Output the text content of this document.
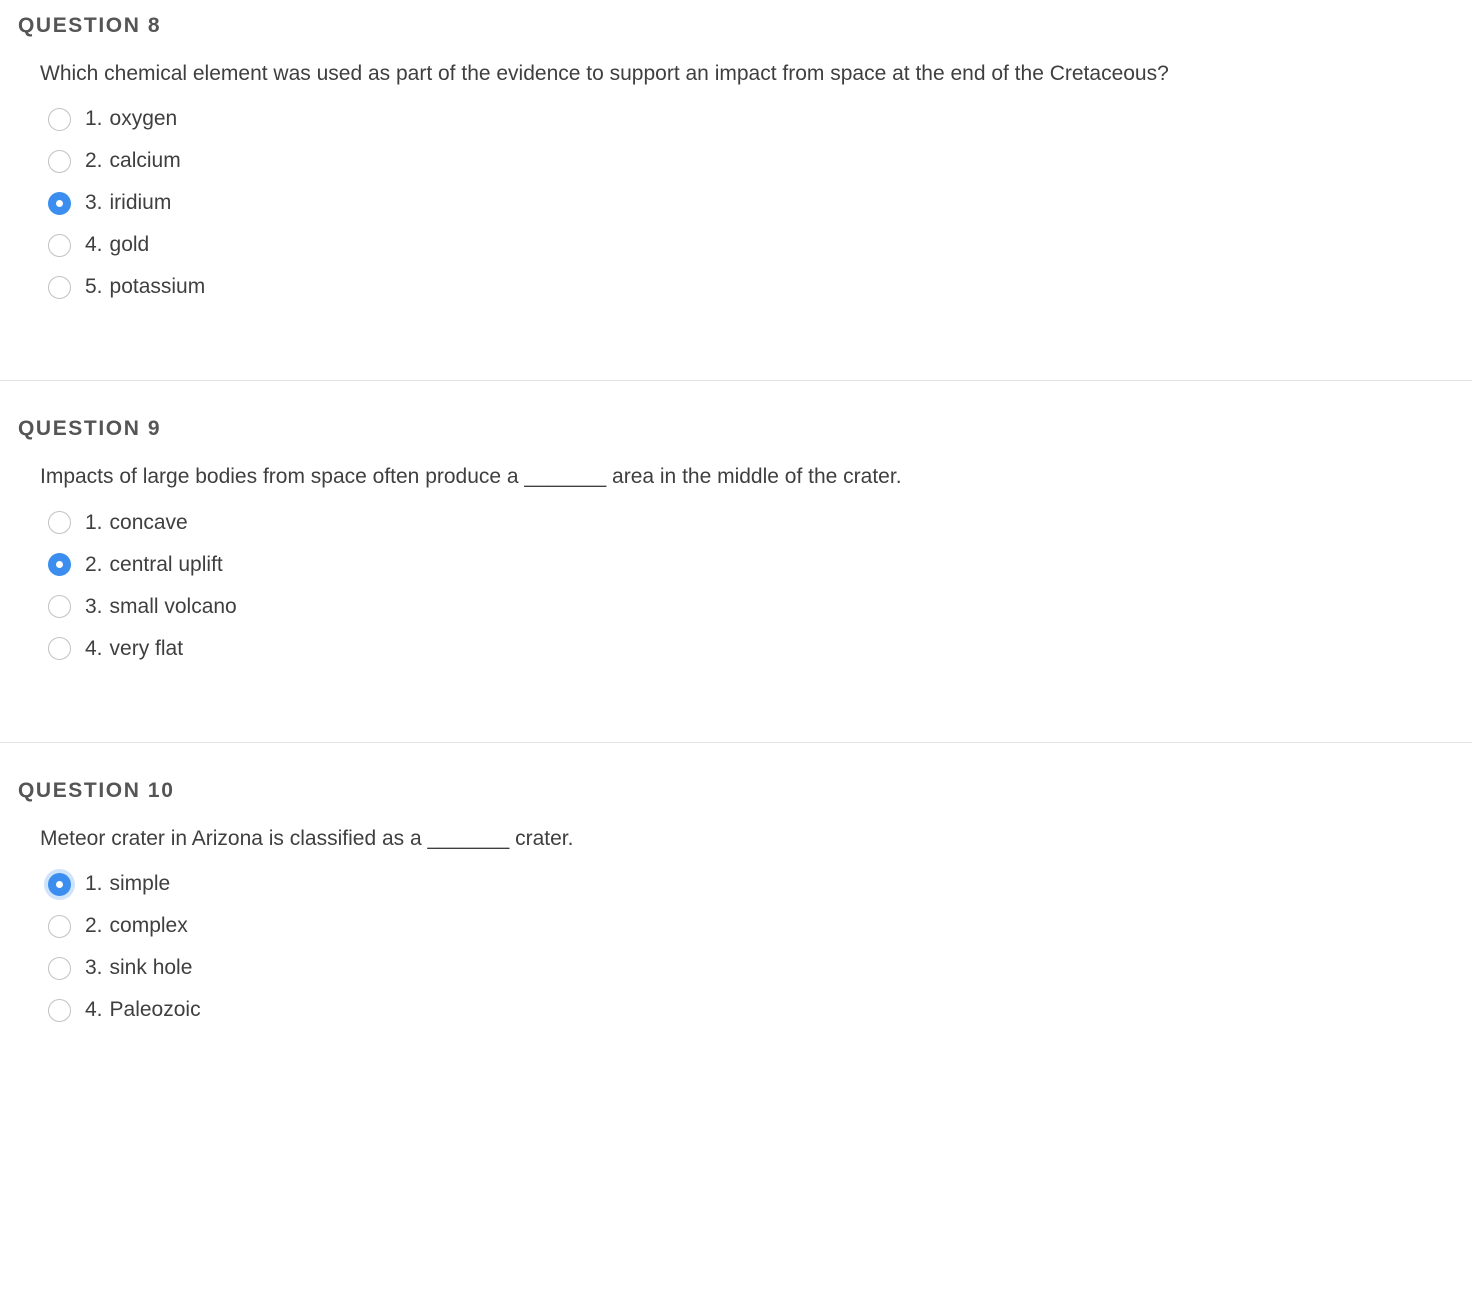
QUESTION 8
Which chemical element was used as part of the evidence to support an impact from space at the end of the Cretaceous?
1. oxygen
2. calcium
3. iridium
4. gold
5. potassium
QUESTION 9
Impacts of large bodies from space often produce a _______ area in the middle of the crater.
1. concave
2. central uplift
3. small volcano
4. very flat
QUESTION 10
Meteor crater in Arizona is classified as a _______ crater.
1. simple
2. complex
3. sink hole
4. Paleozoic
